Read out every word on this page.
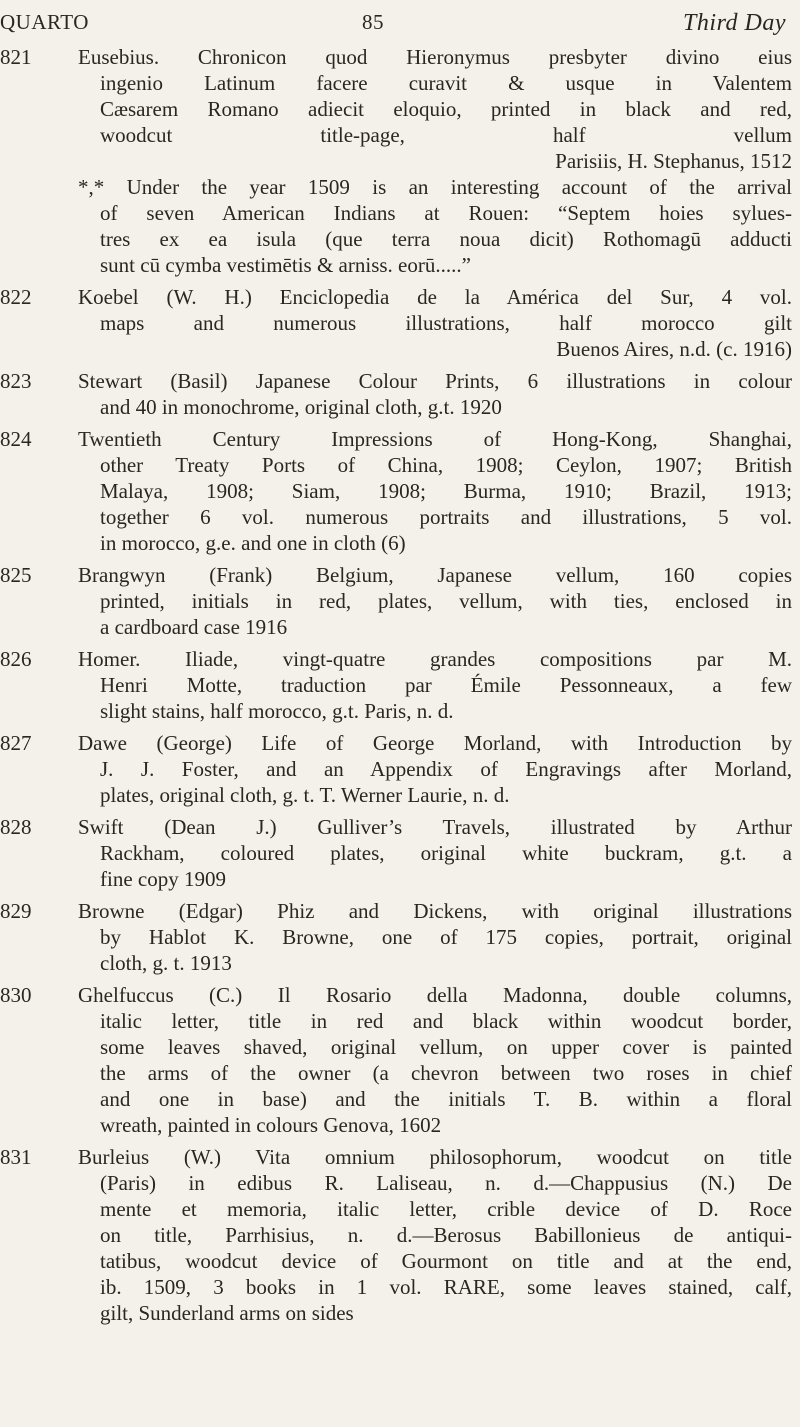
QUARTO	85	Third Day
821	Eusebius. Chronicon quod Hieronymus presbyter divino eius
ingenio Latinum facere curavit & usque in Valentem
Cæsarem Romano adiecit eloquio, printed in black and red,
woodcut title-page, half vellum
Parisiis, H. Stephanus, 1512
*,* Under the year 1509 is an interesting account of the arrival
of seven American Indians at Rouen: “Septem hoies sylues-
tres ex ea isula (que terra noua dicit) Rothomagū adducti
sunt cū cymba vestimētis & arniss. eorū.....”
822	Koebel (W. H.) Enciclopedia de la América del Sur, 4 vol.
maps and numerous illustrations, half morocco gilt
Buenos Aires, n.d. (c. 1916)
823	Stewart (Basil) Japanese Colour Prints, 6 illustrations in colour
and 40 in monochrome, original cloth, g.t. 1920
824	Twentieth Century Impressions of Hong-Kong, Shanghai,
other Treaty Ports of China, 1908; Ceylon, 1907; British
Malaya, 1908; Siam, 1908; Burma, 1910; Brazil, 1913;
together 6 vol. numerous portraits and illustrations, 5 vol.
in morocco, g.e. and one in cloth (6)
825	Brangwyn (Frank) Belgium, Japanese vellum, 160 copies
printed, initials in red, plates, vellum, with ties, enclosed in
a cardboard case 1916
826	Homer. Iliade, vingt-quatre grandes compositions par M.
Henri Motte, traduction par Émile Pessonneaux, a few
slight stains, half morocco, g.t. Paris, n. d.
827	Dawe (George) Life of George Morland, with Introduction by
J. J. Foster, and an Appendix of Engravings after Morland,
plates, original cloth, g. t. T. Werner Laurie, n. d.
828	Swift (Dean J.) Gulliver’s Travels, illustrated by Arthur
Rackham, coloured plates, original white buckram, g.t. a
fine copy 1909
829	Browne (Edgar) Phiz and Dickens, with original illustrations
by Hablot K. Browne, one of 175 copies, portrait, original
cloth, g. t. 1913
830	Ghelfuccus (C.) Il Rosario della Madonna, double columns,
italic letter, title in red and black within woodcut border,
some leaves shaved, original vellum, on upper cover is painted
the arms of the owner (a chevron between two roses in chief
and one in base) and the initials T. B. within a floral
wreath, painted in colours Genova, 1602
831	Burleius (W.) Vita omnium philosophorum, woodcut on title
(Paris) in edibus R. Laliseau, n. d.—Chappusius (N.) De
mente et memoria, italic letter, crible device of D. Roce
on title, Parrhisius, n. d.—Berosus Babillonieus de antiqui-
tatibus, woodcut device of Gourmont on title and at the end,
ib. 1509, 3 books in 1 vol. RARE, some leaves stained, calf,
gilt, Sunderland arms on sides
